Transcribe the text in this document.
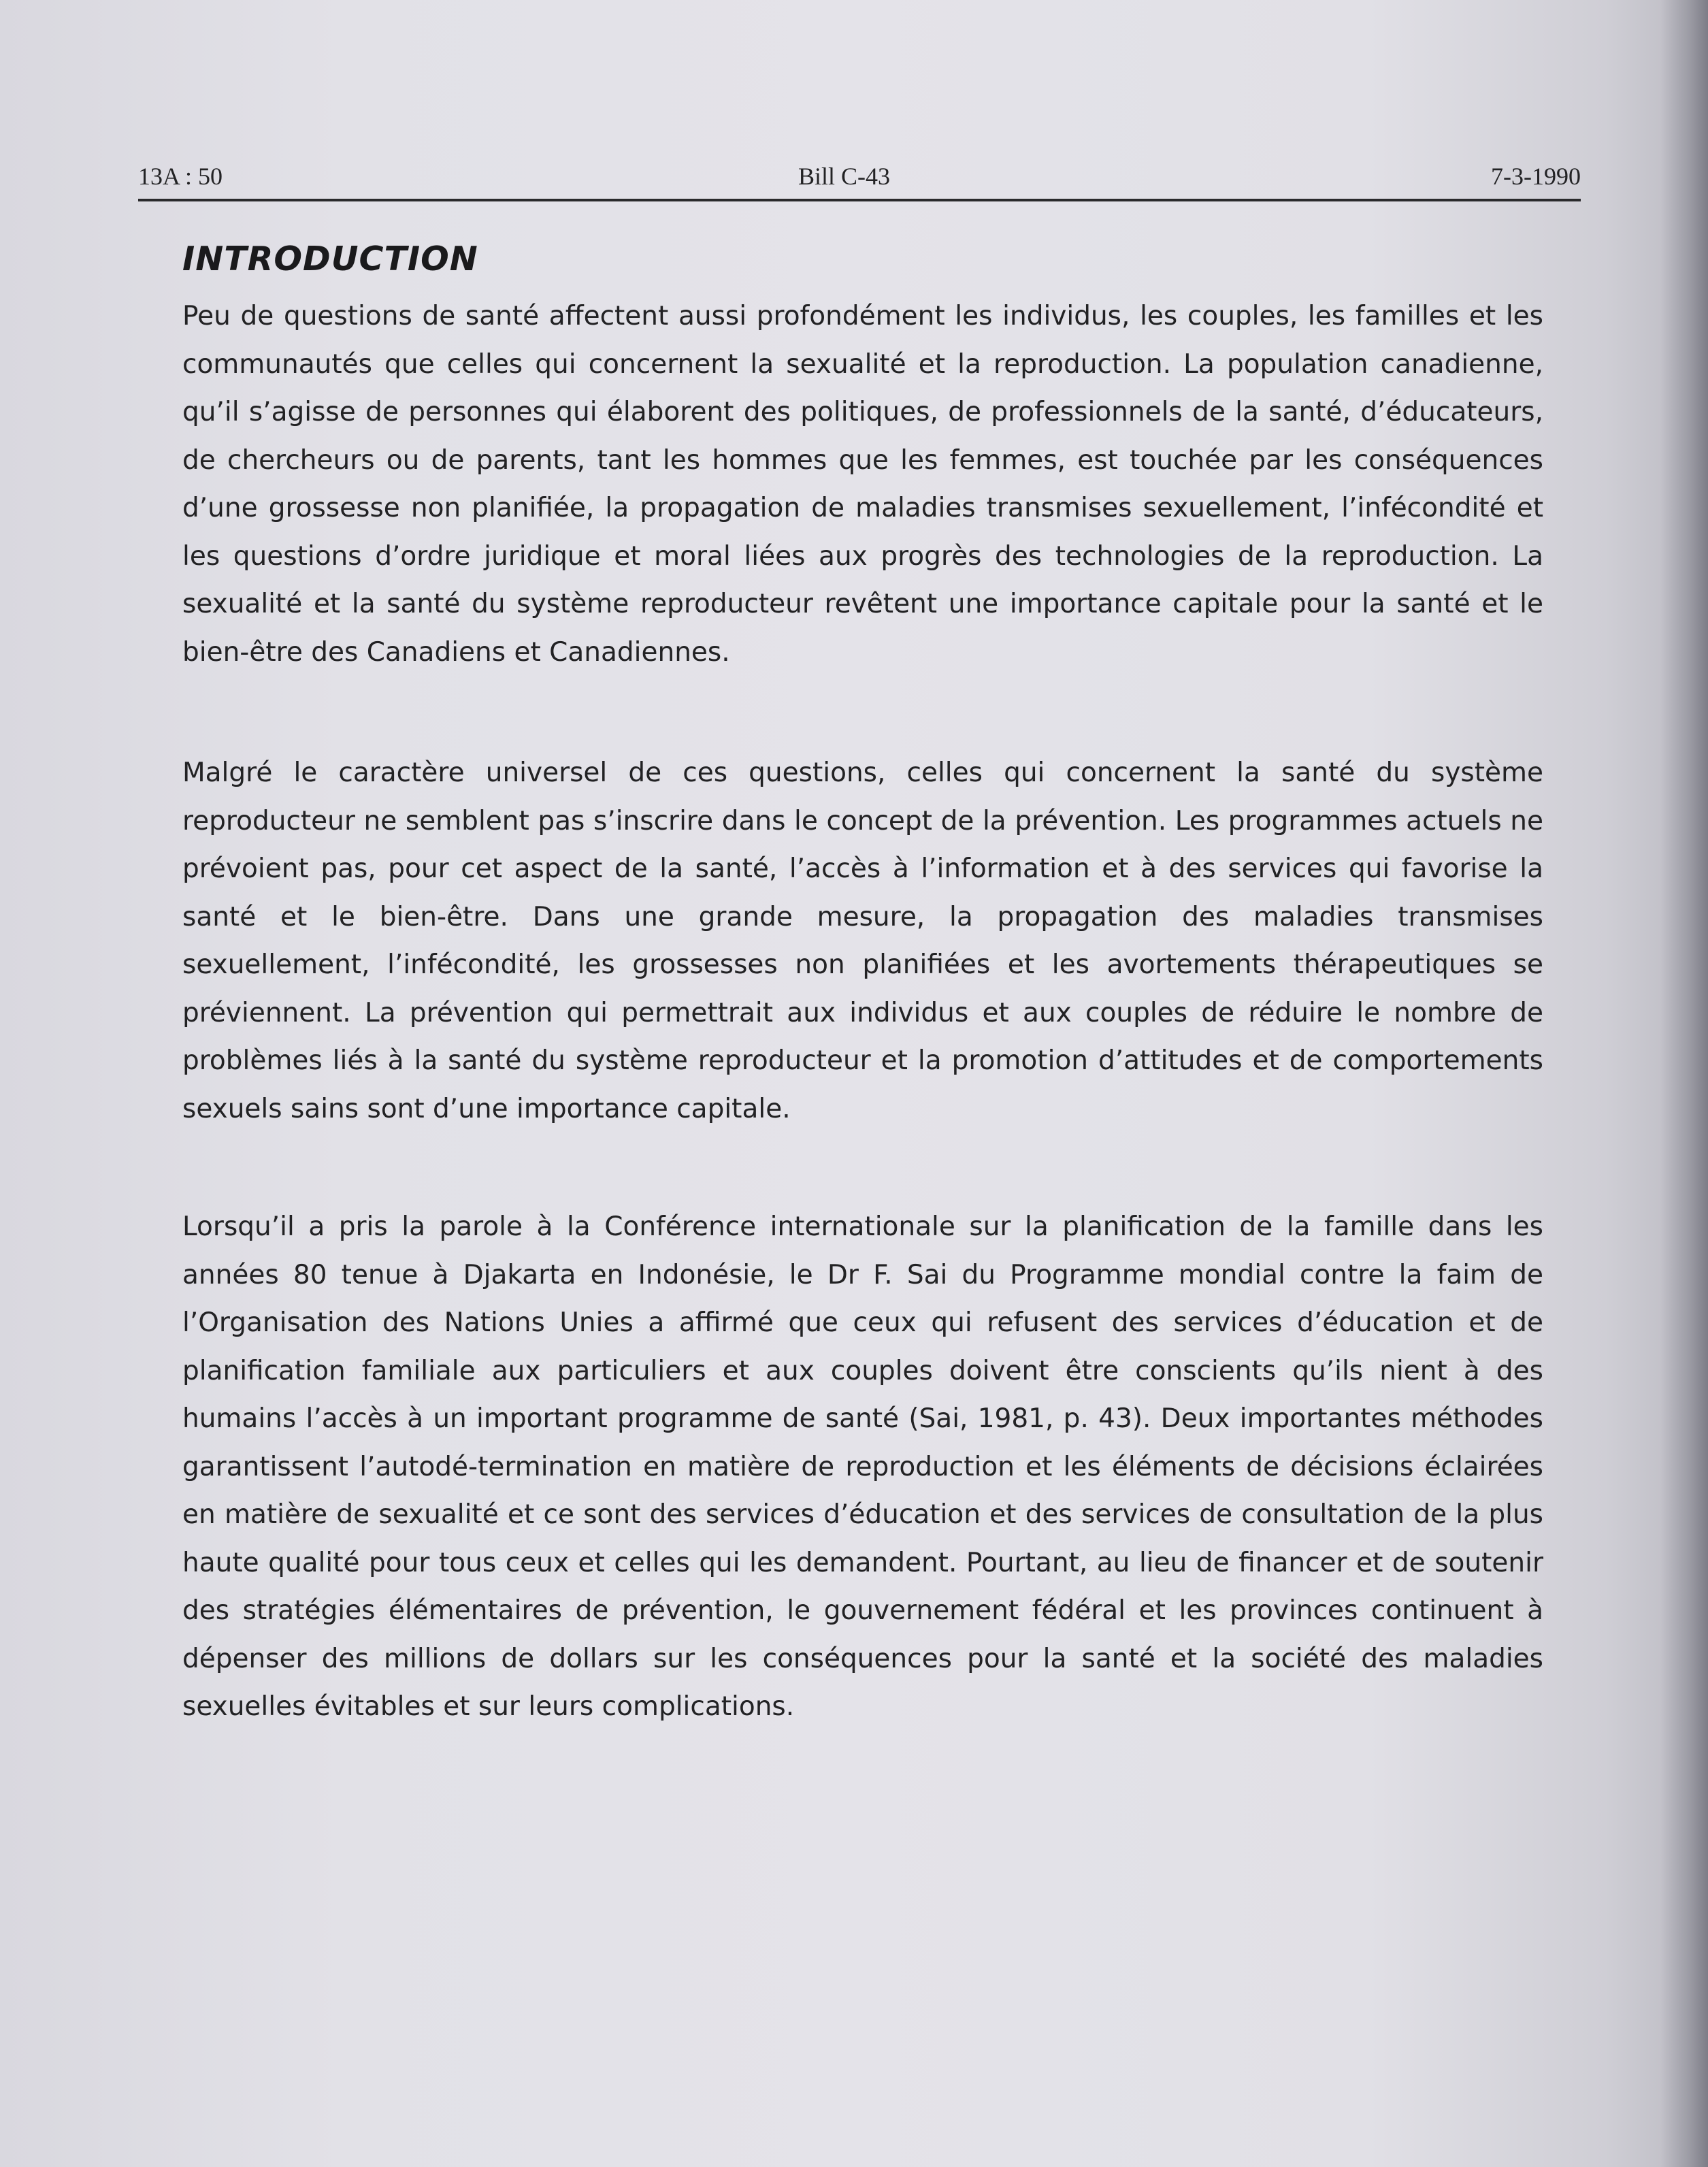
13A : 50	Bill C-43	7-3-1990
INTRODUCTION

Peu de questions de santé affectent aussi profondément les individus, les couples, les familles et les communautés que celles qui concernent la sexualité et la reproduction. La population canadienne, qu’il s’agisse de personnes qui élaborent des politiques, de professionnels de la santé, d’éducateurs, de chercheurs ou de parents, tant les hommes que les femmes, est touchée par les conséquences d’une grossesse non planifiée, la propagation de maladies transmises sexuellement, l’infécondité et les questions d’ordre juridique et moral liées aux progrès des technologies de la reproduction. La sexualité et la santé du système reproducteur revêtent une importance capitale pour la santé et le bien-être des Canadiens et Canadiennes.

Malgré le caractère universel de ces questions, celles qui concernent la santé du système reproducteur ne semblent pas s’inscrire dans le concept de la prévention. Les programmes actuels ne prévoient pas, pour cet aspect de la santé, l’accès à l’information et à des services qui favorise la santé et le bien-être. Dans une grande mesure, la propagation des maladies transmises sexuellement, l’infécondité, les grossesses non planifiées et les avortements thérapeutiques se préviennent. La prévention qui permettrait aux individus et aux couples de réduire le nombre de problèmes liés à la santé du système reproducteur et la promotion d’attitudes et de comportements sexuels sains sont d’une importance capitale.

Lorsqu’il a pris la parole à la Conférence internationale sur la planification de la famille dans les années 80 tenue à Djakarta en Indonésie, le Dr F. Sai du Programme mondial contre la faim de l’Organisation des Nations Unies a affirmé que ceux qui refusent des services d’éducation et de planification familiale aux particuliers et aux couples doivent être conscients qu’ils nient à des humains l’accès à un important programme de santé (Sai, 1981, p. 43). Deux importantes méthodes garantissent l’autodé-termination en matière de reproduction et les éléments de décisions éclairées en matière de sexualité et ce sont des services d’éducation et des services de consultation de la plus haute qualité pour tous ceux et celles qui les demandent. Pourtant, au lieu de financer et de soutenir des stratégies élémentaires de prévention, le gouvernement fédéral et les provinces continuent à dépenser des millions de dollars sur les conséquences pour la santé et la société des maladies sexuelles évitables et sur leurs complications.
